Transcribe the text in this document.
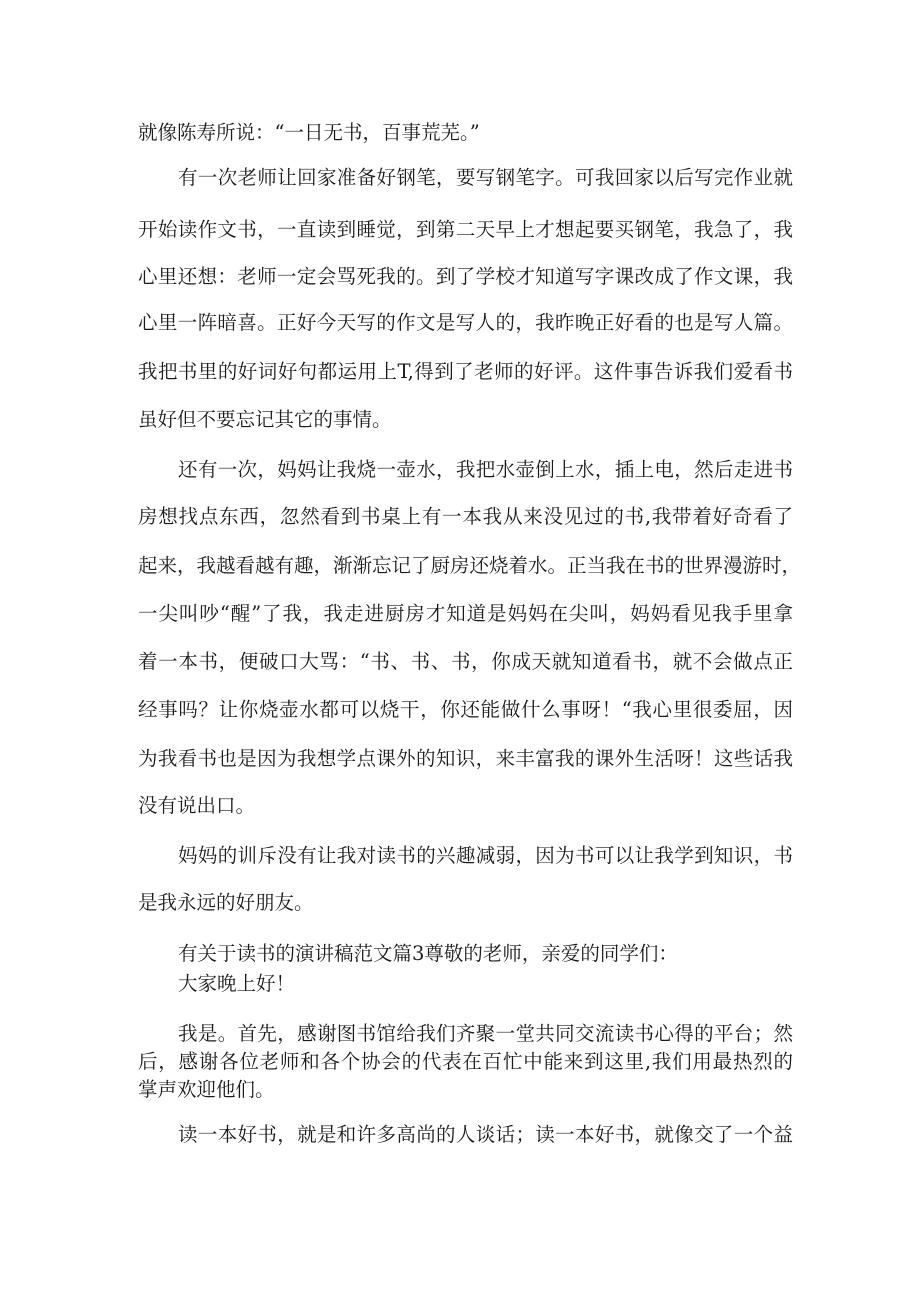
就像陈寿所说：“一日无书，百事荒芜。”
有一次老师让回家准备好钢笔，要写钢笔字。可我回家以后写完作业就
开始读作文书，一直读到睡觉，到第二天早上才想起要买钢笔，我急了，我
心里还想：老师一定会骂死我的。到了学校才知道写字课改成了作文课，我
心里一阵暗喜。正好今天写的作文是写人的，我昨晚正好看的也是写人篇。
我把书里的好词好句都运用上T,得到了老师的好评。这件事告诉我们爱看书
虽好但不要忘记其它的事情。
还有一次，妈妈让我烧一壶水，我把水壶倒上水，插上电，然后走进书
房想找点东西，忽然看到书桌上有一本我从来没见过的书,我带着好奇看了
起来，我越看越有趣，渐渐忘记了厨房还烧着水。正当我在书的世界漫游时，
一尖叫吵“醒”了我，我走进厨房才知道是妈妈在尖叫，妈妈看见我手里拿
着一本书，便破口大骂：“书、书、书，你成天就知道看书，就不会做点正
经事吗？让你烧壶水都可以烧干，你还能做什么事呀！“我心里很委屈，因
为我看书也是因为我想学点课外的知识，来丰富我的课外生活呀！这些话我
没有说出口。
妈妈的训斥没有让我对读书的兴趣减弱，因为书可以让我学到知识，书
是我永远的好朋友。
有关于读书的演讲稿范文篇3尊敬的老师，亲爱的同学们：
大家晚上好！
我是。首先，感谢图书馆给我们齐聚一堂共同交流读书心得的平台；然
后，感谢各位老师和各个协会的代表在百忙中能来到这里,我们用最热烈的
掌声欢迎他们。
读一本好书，就是和许多高尚的人谈话；读一本好书，就像交了一个益
